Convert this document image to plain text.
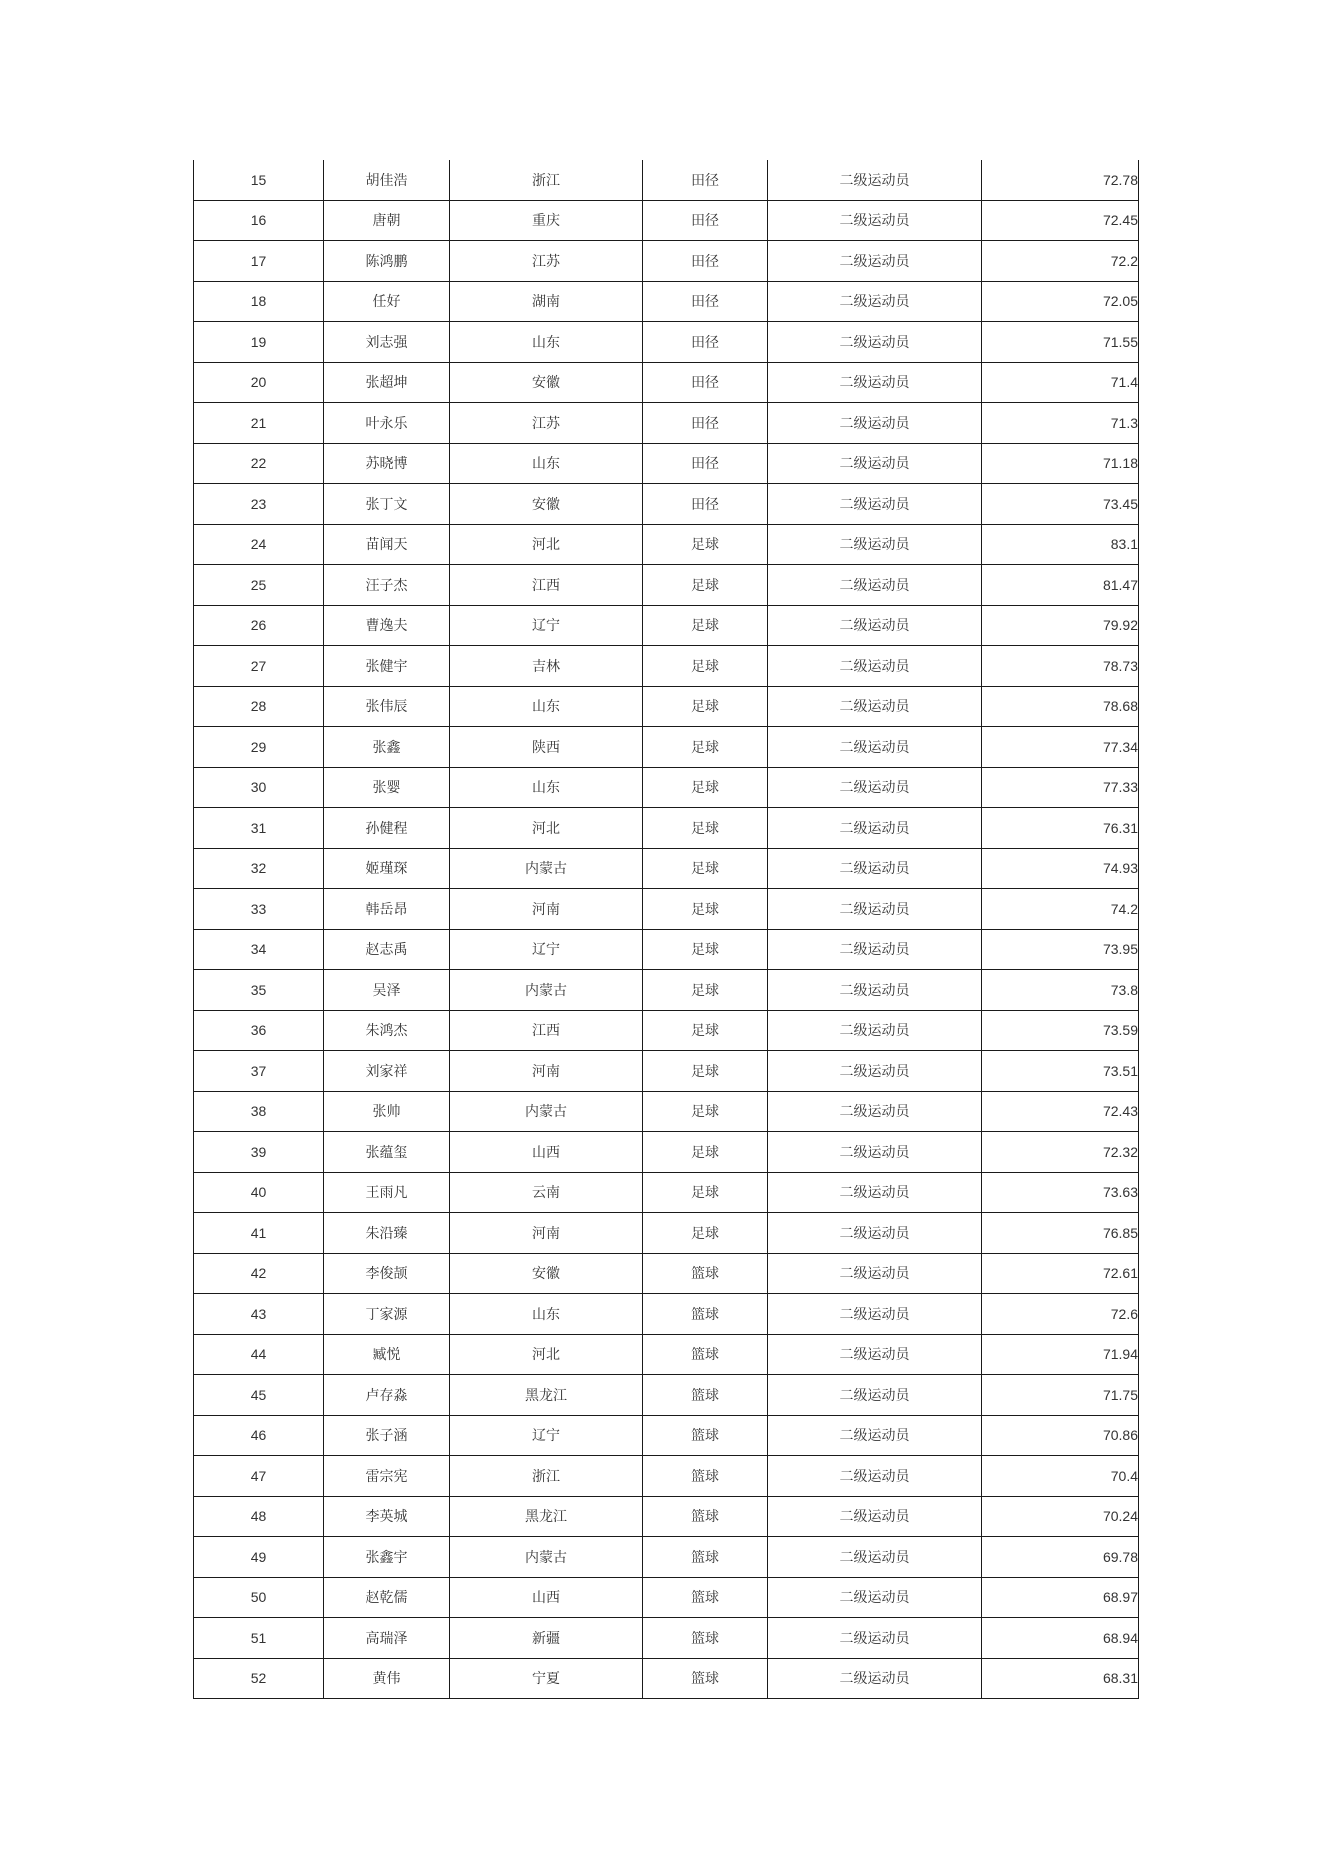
15	胡佳浩	浙江	田径	二级运动员	72.78
16	唐朝	重庆	田径	二级运动员	72.45
17	陈鸿鹏	江苏	田径	二级运动员	72.2
18	任好	湖南	田径	二级运动员	72.05
19	刘志强	山东	田径	二级运动员	71.55
20	张超坤	安徽	田径	二级运动员	71.4
21	叶永乐	江苏	田径	二级运动员	71.3
22	苏晓博	山东	田径	二级运动员	71.18
23	张丁文	安徽	田径	二级运动员	73.45
24	苗闻天	河北	足球	二级运动员	83.1
25	汪子杰	江西	足球	二级运动员	81.47
26	曹逸夫	辽宁	足球	二级运动员	79.92
27	张健宇	吉林	足球	二级运动员	78.73
28	张伟辰	山东	足球	二级运动员	78.68
29	张鑫	陕西	足球	二级运动员	77.34
30	张婴	山东	足球	二级运动员	77.33
31	孙健程	河北	足球	二级运动员	76.31
32	姬瑾琛	内蒙古	足球	二级运动员	74.93
33	韩岳昂	河南	足球	二级运动员	74.2
34	赵志禹	辽宁	足球	二级运动员	73.95
35	吴泽	内蒙古	足球	二级运动员	73.8
36	朱鸿杰	江西	足球	二级运动员	73.59
37	刘家祥	河南	足球	二级运动员	73.51
38	张帅	内蒙古	足球	二级运动员	72.43
39	张蕴玺	山西	足球	二级运动员	72.32
40	王雨凡	云南	足球	二级运动员	73.63
41	朱沿臻	河南	足球	二级运动员	76.85
42	李俊颉	安徽	篮球	二级运动员	72.61
43	丁家源	山东	篮球	二级运动员	72.6
44	臧悦	河北	篮球	二级运动员	71.94
45	卢存淼	黑龙江	篮球	二级运动员	71.75
46	张子涵	辽宁	篮球	二级运动员	70.86
47	雷宗宪	浙江	篮球	二级运动员	70.4
48	李英城	黑龙江	篮球	二级运动员	70.24
49	张鑫宇	内蒙古	篮球	二级运动员	69.78
50	赵乾儒	山西	篮球	二级运动员	68.97
51	高瑞泽	新疆	篮球	二级运动员	68.94
52	黄伟	宁夏	篮球	二级运动员	68.31
